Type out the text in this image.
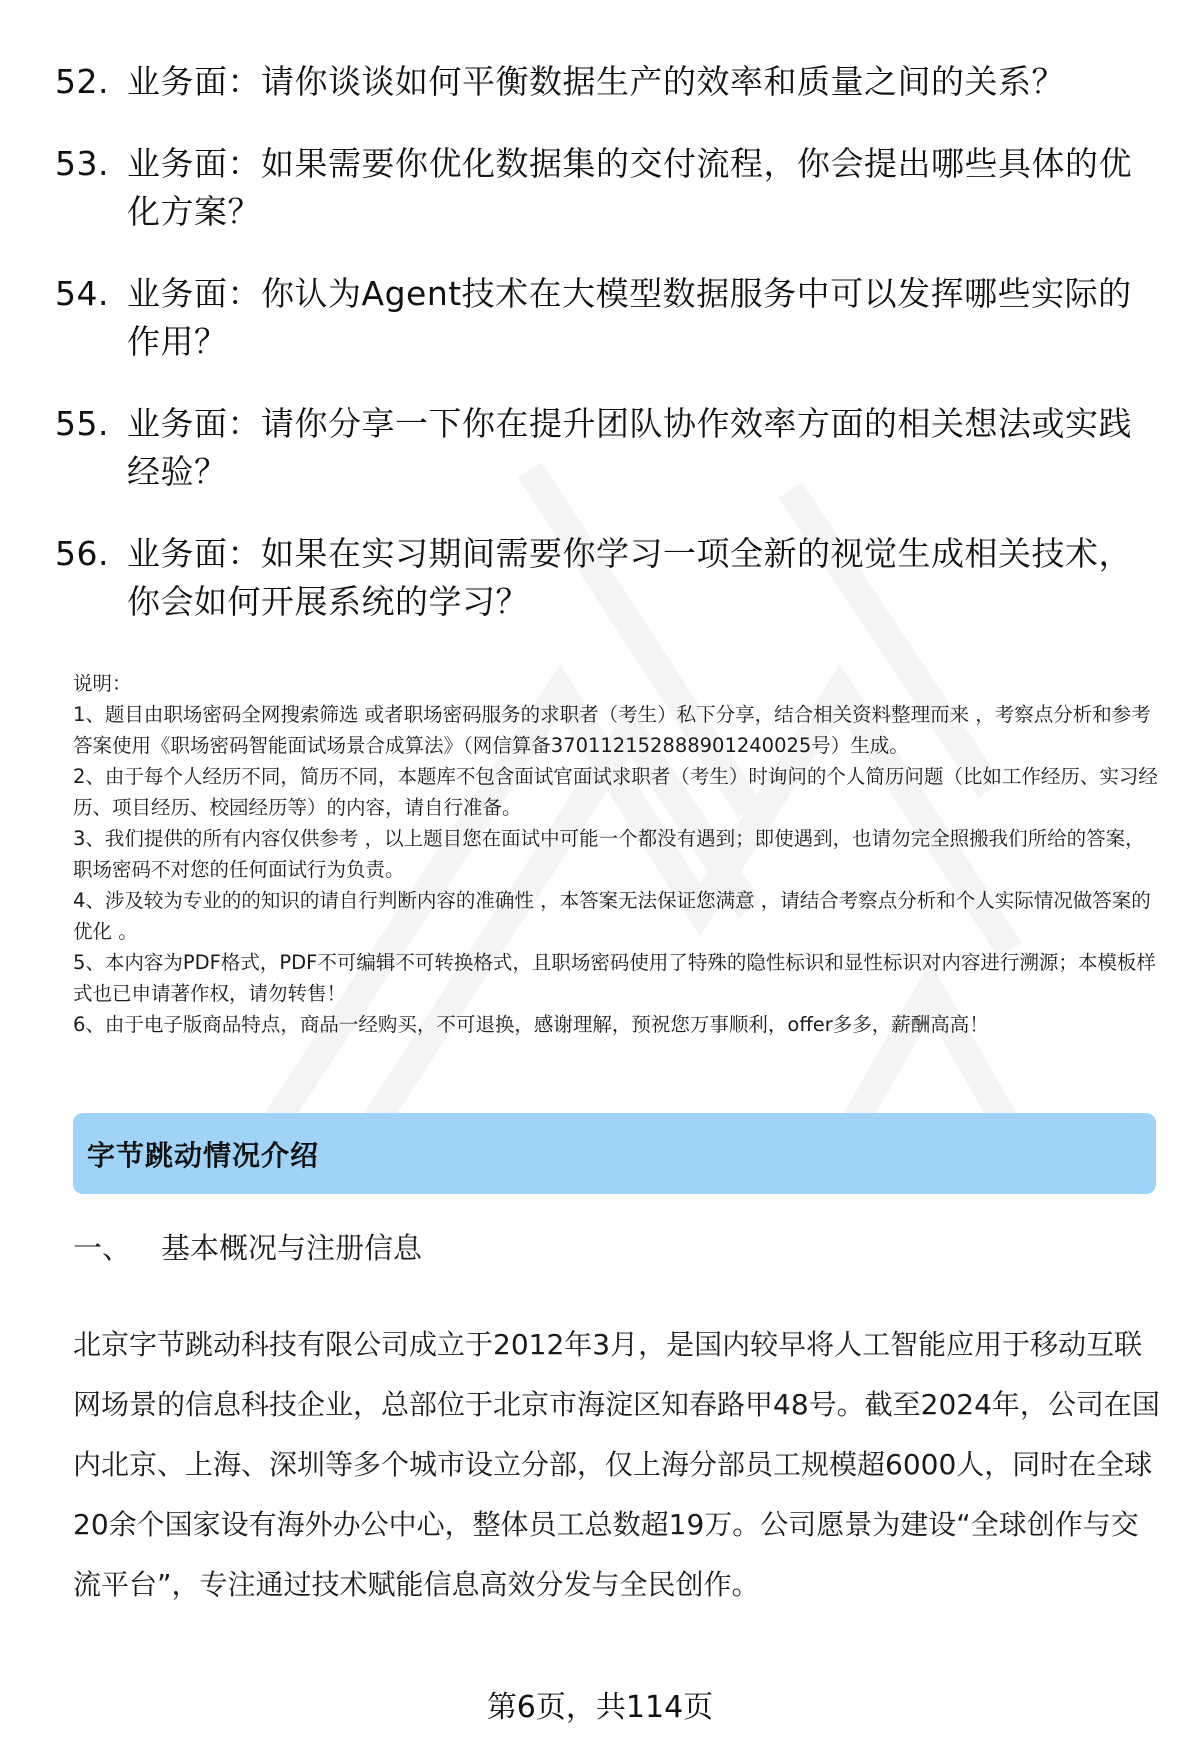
52. 业务面：请你谈谈如何平衡数据生产的效率和质量之间的关系？
53. 业务面：如果需要你优化数据集的交付流程，你会提出哪些具体的优化方案？
54. 业务面：你认为Agent技术在大模型数据服务中可以发挥哪些实际的作用？
55. 业务面：请你分享一下你在提升团队协作效率方面的相关想法或实践经验？
56. 业务面：如果在实习期间需要你学习一项全新的视觉生成相关技术，你会如何开展系统的学习？

说明：

1、题目由职场密码全网搜索筛选 或者职场密码服务的求职者（考生）私下分享，结合相关资料整理而来 ，考察点分析和参考答案使用《职场密码智能面试场景合成算法》（网信算备370112152888901240025号）生成。

2、由于每个人经历不同，简历不同，本题库不包含面试官面试求职者（考生）时询问的个人简历问题（比如工作经历、实习经历、项目经历、校园经历等）的内容，请自行准备。

3、我们提供的所有内容仅供参考 ，以上题目您在面试中可能一个都没有遇到；即使遇到，也请勿完全照搬我们所给的答案，职场密码不对您的任何面试行为负责。

4、涉及较为专业的的知识的请自行判断内容的准确性 ，本答案无法保证您满意 ，请结合考察点分析和个人实际情况做答案的优化 。

5、本内容为PDF格式，PDF不可编辑不可转换格式，且职场密码使用了特殊的隐性标识和显性标识对内容进行溯源；本模板样式也已申请著作权，请勿转售！

6、由于电子版商品特点，商品一经购买，不可退换，感谢理解，预祝您万事顺利，offer多多，薪酬高高！

字节跳动情况介绍
一、 基本概况与注册信息

北京字节跳动科技有限公司成立于2012年3月，是国内较早将人工智能应用于移动互联网场景的信息科技企业，总部位于北京市海淀区知春路甲48号。截至2024年，公司在国内北京、上海、深圳等多个城市设立分部，仅上海分部员工规模超6000人，同时在全球20余个国家设有海外办公中心，整体员工总数超19万。公司愿景为建设“全球创作与交流平台”，专注通过技术赋能信息高效分发与全民创作。

第6页，共114页
